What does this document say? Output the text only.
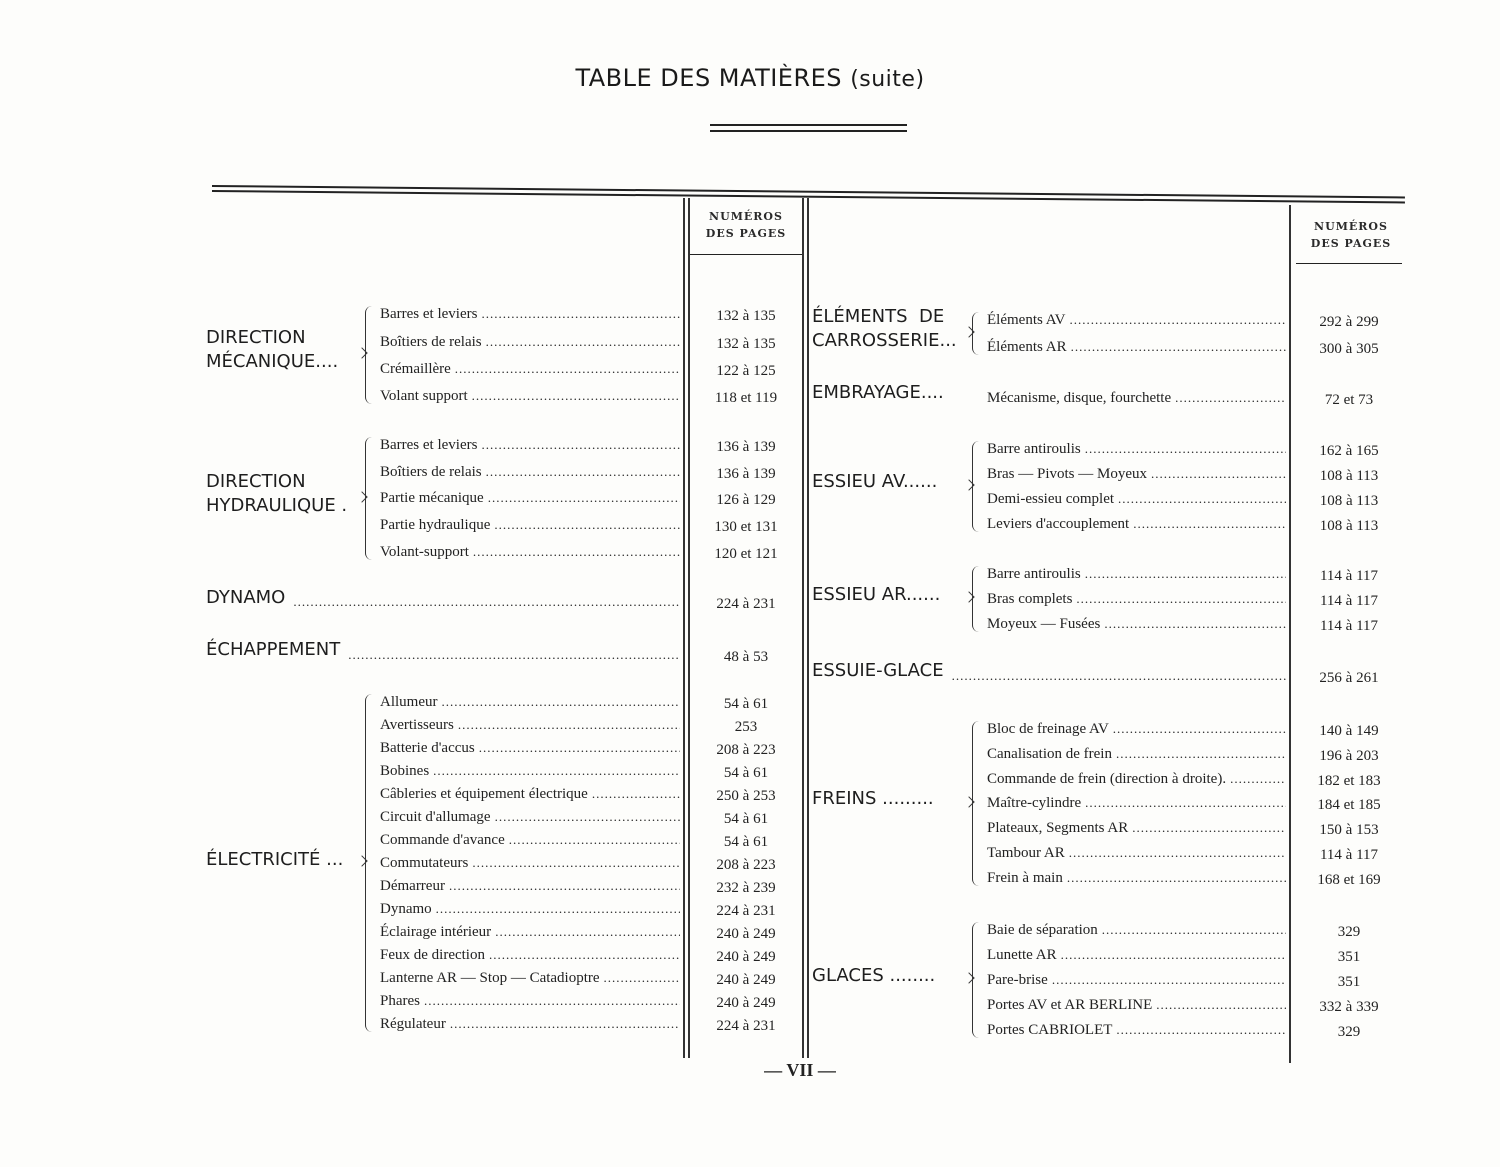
TABLE DES MATIÈRES (suite)
NUMÉROS
DES PAGES
NUMÉROS
DES PAGES
DIRECTION
MÉCANIQUE....
Barres et leviers .....	132 à 135
Boîtiers de relais .....	132 à 135
Crémaillère .....	122 à 125
Volant support .....	118 et 119
DIRECTION
HYDRAULIQUE .
Barres et leviers .....	136 à 139
Boîtiers de relais .....	136 à 139
Partie mécanique .....	126 à 129
Partie hydraulique .....	130 et 131
Volant-support .....	120 et 121
DYNAMO .....	224 à 231
ÉCHAPPEMENT .....	48 à 53
ÉLECTRICITÉ ...
Allumeur .....	54 à 61
Avertisseurs .....	253
Batterie d'accus .....	208 à 223
Bobines .....	54 à 61
Câbleries et équipement électrique .....	250 à 253
Circuit d'allumage .....	54 à 61
Commande d'avance .....	54 à 61
Commutateurs .....	208 à 223
Démarreur .....	232 à 239
Dynamo .....	224 à 231
Éclairage intérieur .....	240 à 249
Feux de direction .....	240 à 249
Lanterne AR — Stop — Catadioptre .....	240 à 249
Phares .....	240 à 249
Régulateur .....	224 à 231
ÉLÉMENTS  DE
CARROSSERIE...
Éléments AV .....	292 à 299
Éléments AR .....	300 à 305
EMBRAYAGE....	Mécanisme, disque, fourchette .....	72 et 73
ESSIEU AV......
Barre antiroulis .....	162 à 165
Bras — Pivots — Moyeux .....	108 à 113
Demi-essieu complet .....	108 à 113
Leviers d'accouplement .....	108 à 113
ESSIEU AR......
Barre antiroulis .....	114 à 117
Bras complets .....	114 à 117
Moyeux — Fusées .....	114 à 117
ESSUIE-GLACE .....	256 à 261
FREINS .........
Bloc de freinage AV .....	140 à 149
Canalisation de frein .....	196 à 203
Commande de frein (direction à droite). .....	182 et 183
Maître-cylindre .....	184 et 185
Plateaux, Segments AR .....	150 à 153
Tambour AR .....	114 à 117
Frein à main .....	168 et 169
GLACES ........
Baie de séparation .....	329
Lunette AR .....	351
Pare-brise .....	351
Portes AV et AR BERLINE .....	332 à 339
Portes CABRIOLET .....	329
— VII —
